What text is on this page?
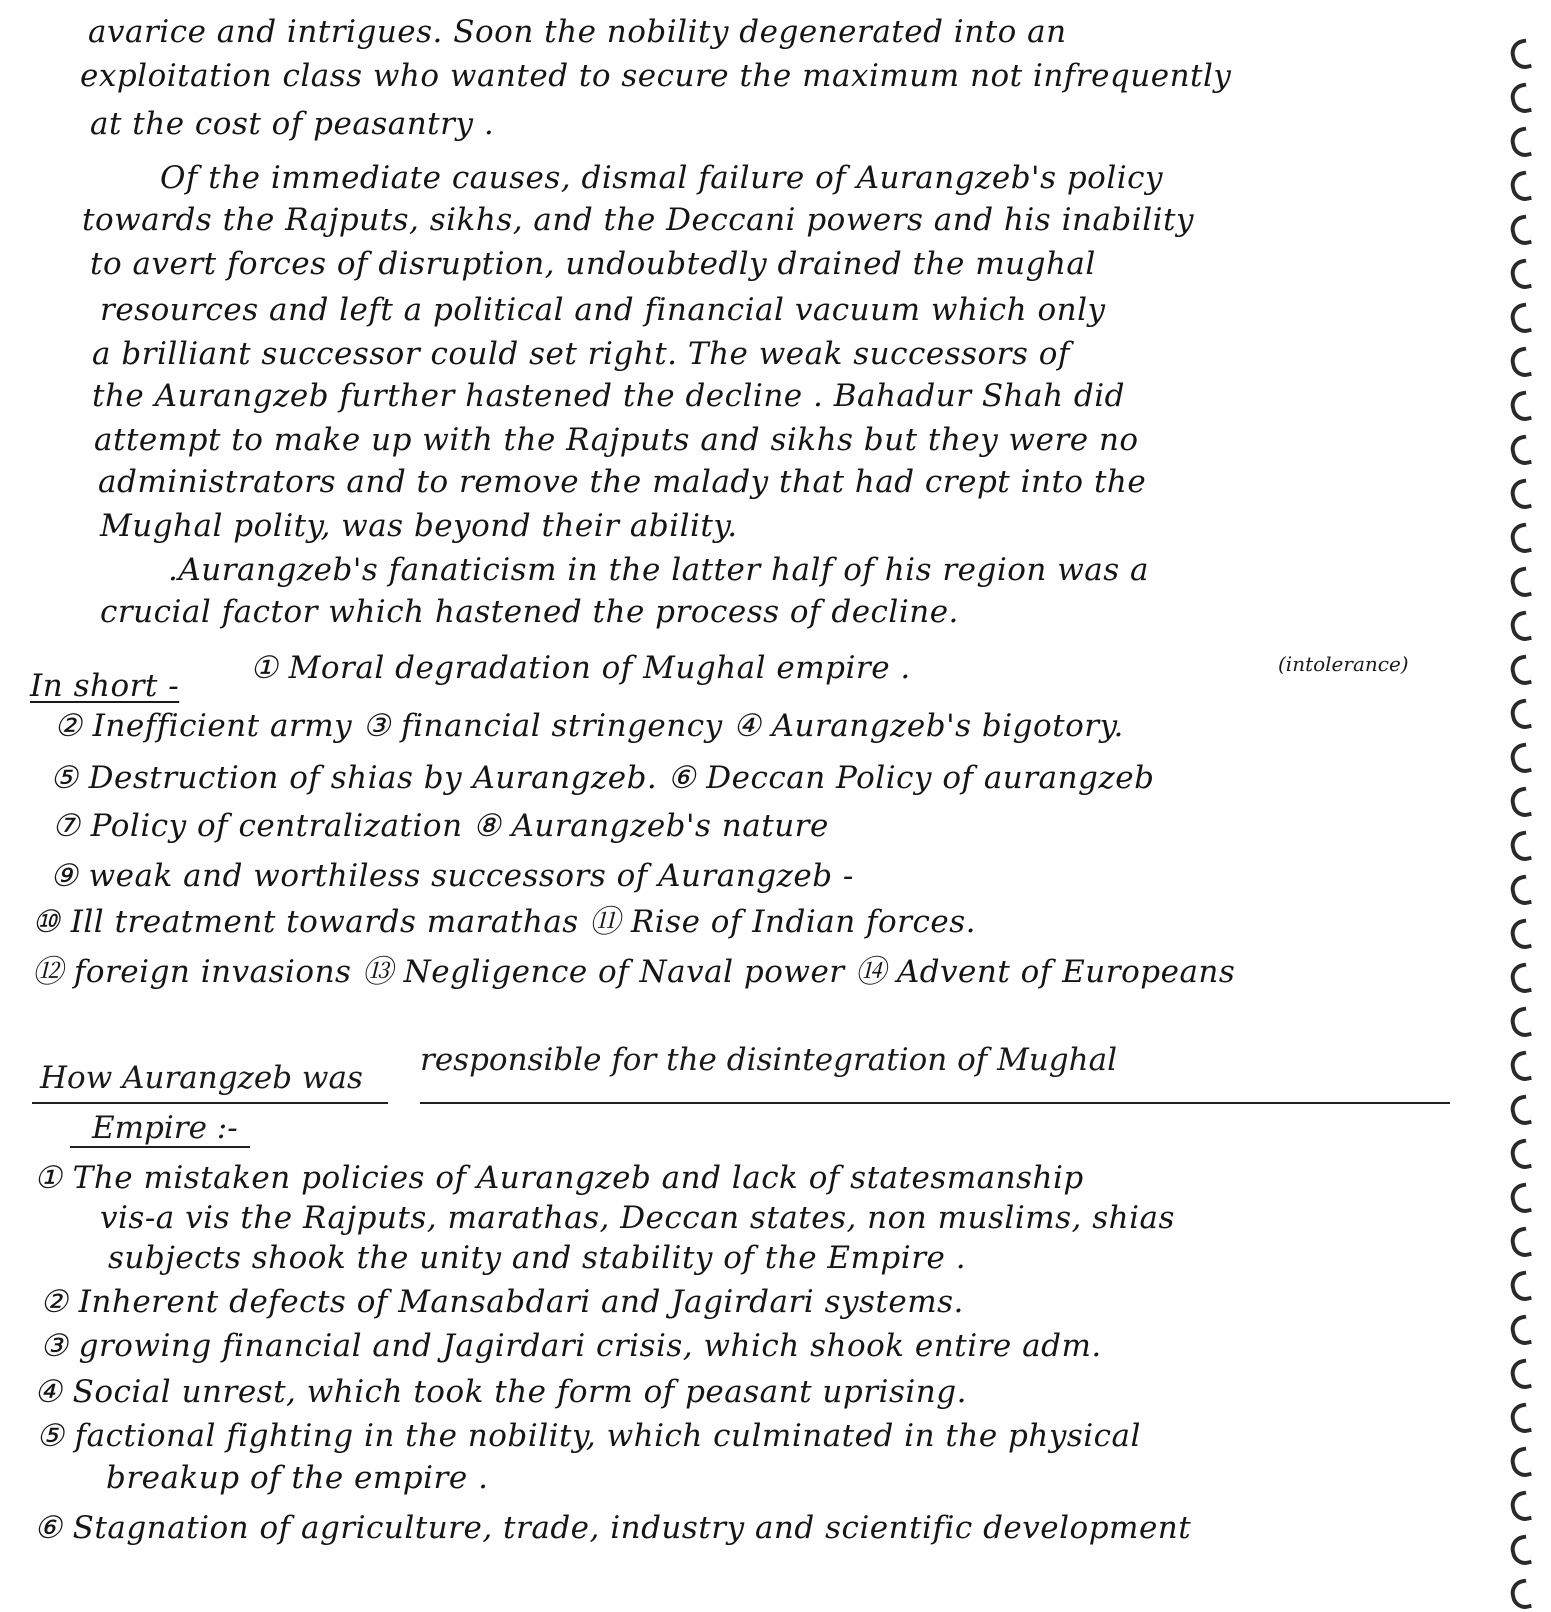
avarice and intrigues. Soon the nobility degenerated into an
exploitation class who wanted to secure the maximum not infrequently
at the cost of peasantry .
Of the immediate causes, dismal failure of Aurangzeb's policy
towards the Rajputs, sikhs, and the Deccani powers and his inability
to avert forces of disruption, undoubtedly drained the mughal
resources and left a political and financial vacuum which only
a brilliant successor could set right. The weak successors of
the Aurangzeb further hastened the decline . Bahadur Shah did
attempt to make up with the Rajputs and sikhs but they were no
administrators and to remove the malady that had crept into the
Mughal polity, was beyond their ability.
.Aurangzeb's fanaticism in the latter half of his region was a
crucial factor which hastened the process of decline.
(intolerance)
In short - ① Moral degradation of Mughal empire .
② Inefficient army ③ financial stringency ④ Aurangzeb's bigotory.
⑤ Destruction of shias by Aurangzeb. ⑥ Deccan Policy of aurangzeb
⑦ Policy of centralization ⑧ Aurangzeb's nature
⑨ weak and worthiless successors of Aurangzeb -
⑩ Ill treatment towards marathas ⑪ Rise of Indian forces.
⑫ foreign invasions ⑬ Negligence of Naval power ⑭ Advent of Europeans
How Aurangzeb was responsible for the disintegration of Mughal
Empire :-
① The mistaken policies of Aurangzeb and lack of statesmanship
vis-a vis the Rajputs, marathas, Deccan states, non muslims, shias
subjects shook the unity and stability of the Empire .
② Inherent defects of Mansabdari and Jagirdari systems.
③ growing financial and Jagirdari crisis, which shook entire adm.
④ Social unrest, which took the form of peasant uprising.
⑤ factional fighting in the nobility, which culminated in the physical
breakup of the empire .
⑥ Stagnation of agriculture, trade, industry and scientific development
